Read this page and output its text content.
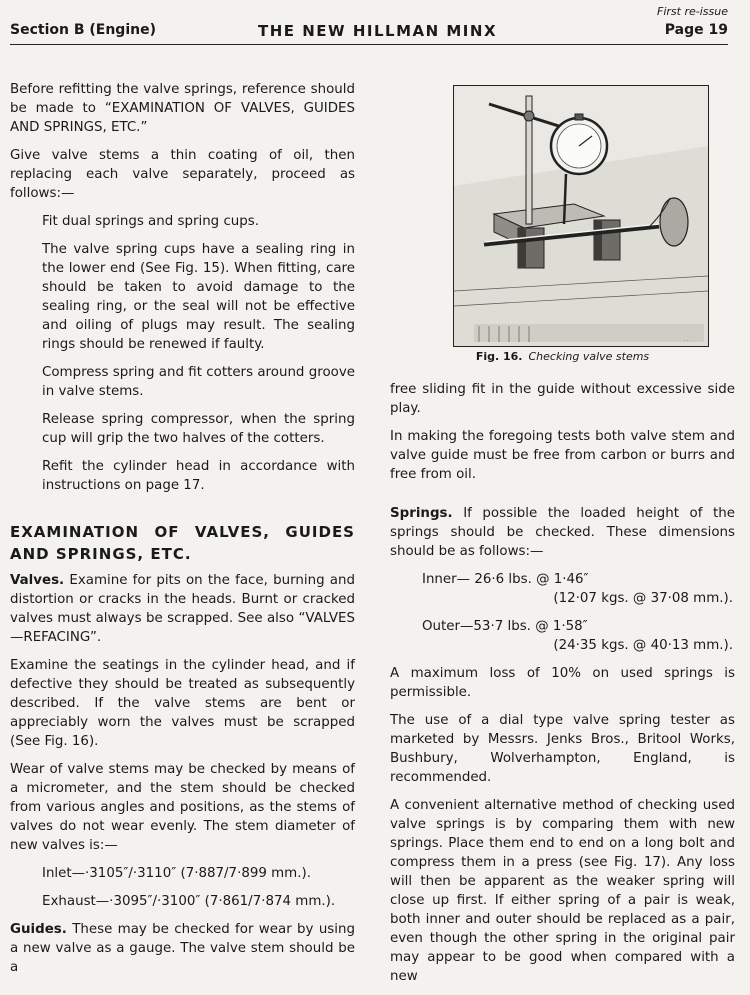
First re-issue
Section B (Engine)	THE NEW HILLMAN MINX	Page 19

Before refitting the valve springs, reference should be made to “EXAMINATION OF VALVES, GUIDES AND SPRINGS, ETC.”

Give valve stems a thin coating of oil, then replacing each valve separately, proceed as follows:—

Fit dual springs and spring cups.

The valve spring cups have a sealing ring in the lower end (See Fig. 15). When fitting, care should be taken to avoid damage to the sealing ring, or the seal will not be effective and oiling of plugs may result. The sealing rings should be renewed if faulty.

Compress spring and fit cotters around groove in valve stems.

Release spring compressor, when the spring cup will grip the two halves of the cotters.

Refit the cylinder head in accordance with instructions on page 17.

EXAMINATION OF VALVES, GUIDES AND SPRINGS, ETC.

Valves. Examine for pits on the face, burning and distortion or cracks in the heads. Burnt or cracked valves must always be scrapped. See also “VALVES—REFACING”.

Examine the seatings in the cylinder head, and if defective they should be treated as subsequently described. If the valve stems are bent or appreciably worn the valves must be scrapped (See Fig. 16).

Wear of valve stems may be checked by means of a micrometer, and the stem should be checked from various angles and positions, as the stems of valves do not wear evenly. The stem diameter of new valves is:—

Inlet—·3105″/·3110″ (7·887/7·899 mm.).

Exhaust—·3095″/·3100″ (7·861/7·874 mm.).

Guides. These may be checked for wear by using a new valve as a gauge. The valve stem should be a

. .
Fig. 16. Checking valve stems

free sliding fit in the guide without excessive side play.

In making the foregoing tests both valve stem and valve guide must be free from carbon or burrs and free from oil.

Springs. If possible the loaded height of the springs should be checked. These dimensions should be as follows:—

Inner— 26·6 lbs. @ 1·46″
(12·07 kgs. @ 37·08 mm.).
Outer—53·7 lbs. @ 1·58″
(24·35 kgs. @ 40·13 mm.).

A maximum loss of 10% on used springs is permissible.

The use of a dial type valve spring tester as marketed by Messrs. Jenks Bros., Britool Works, Bushbury, Wolverhampton, England, is recommended.

A convenient alternative method of checking used valve springs is by comparing them with new springs. Place them end to end on a long bolt and compress them in a press (see Fig. 17). Any loss will then be apparent as the weaker spring will close up first. If either spring of a pair is weak, both inner and outer should be replaced as a pair, even though the other spring in the original pair may appear to be good when compared with a new
